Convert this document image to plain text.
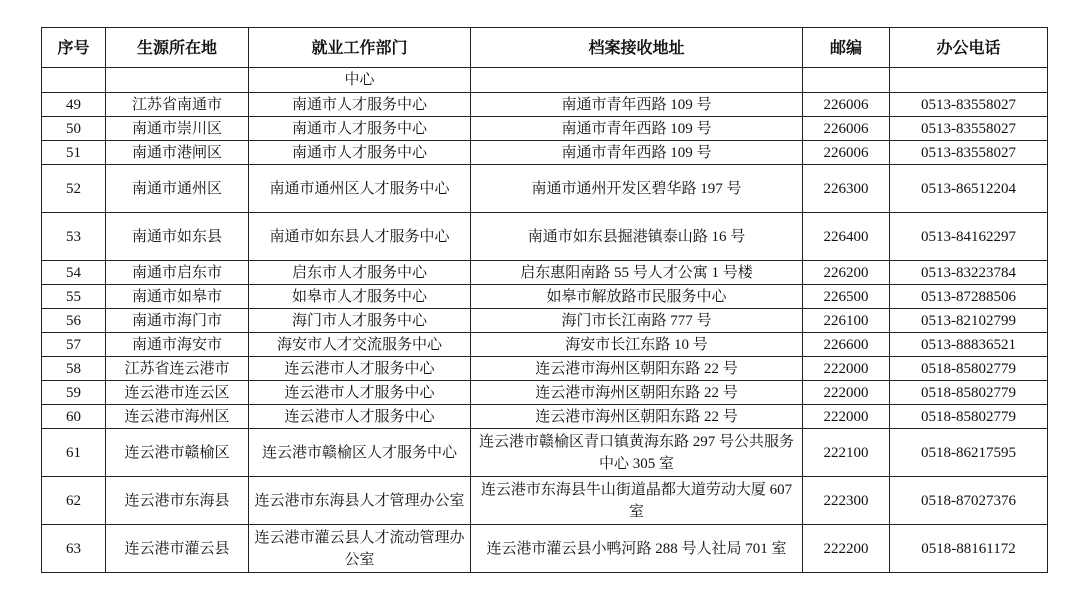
序号	生源所在地	就业工作部门	档案接收地址	邮编	办公电话
		中心			
49	江苏省南通市	南通市人才服务中心	南通市青年西路 109 号	226006	0513-83558027
50	南通市崇川区	南通市人才服务中心	南通市青年西路 109 号	226006	0513-83558027
51	南通市港闸区	南通市人才服务中心	南通市青年西路 109 号	226006	0513-83558027
52	南通市通州区	南通市通州区人才服务中心	南通市通州开发区碧华路 197 号	226300	0513-86512204
53	南通市如东县	南通市如东县人才服务中心	南通市如东县掘港镇泰山路 16 号	226400	0513-84162297
54	南通市启东市	启东市人才服务中心	启东惠阳南路 55 号人才公寓 1 号楼	226200	0513-83223784
55	南通市如皋市	如皋市人才服务中心	如皋市解放路市民服务中心	226500	0513-87288506
56	南通市海门市	海门市人才服务中心	海门市长江南路 777 号	226100	0513-82102799
57	南通市海安市	海安市人才交流服务中心	海安市长江东路 10 号	226600	0513-88836521
58	江苏省连云港市	连云港市人才服务中心	连云港市海州区朝阳东路 22 号	222000	0518-85802779
59	连云港市连云区	连云港市人才服务中心	连云港市海州区朝阳东路 22 号	222000	0518-85802779
60	连云港市海州区	连云港市人才服务中心	连云港市海州区朝阳东路 22 号	222000	0518-85802779
61	连云港市赣榆区	连云港市赣榆区人才服务中心	连云港市赣榆区青口镇黄海东路 297 号公共服务中心 305 室	222100	0518-86217595
62	连云港市东海县	连云港市东海县人才管理办公室	连云港市东海县牛山街道晶都大道劳动大厦 607 室	222300	0518-87027376
63	连云港市灌云县	连云港市灌云县人才流动管理办公室	连云港市灌云县小鸭河路 288 号人社局 701 室	222200	0518-88161172
